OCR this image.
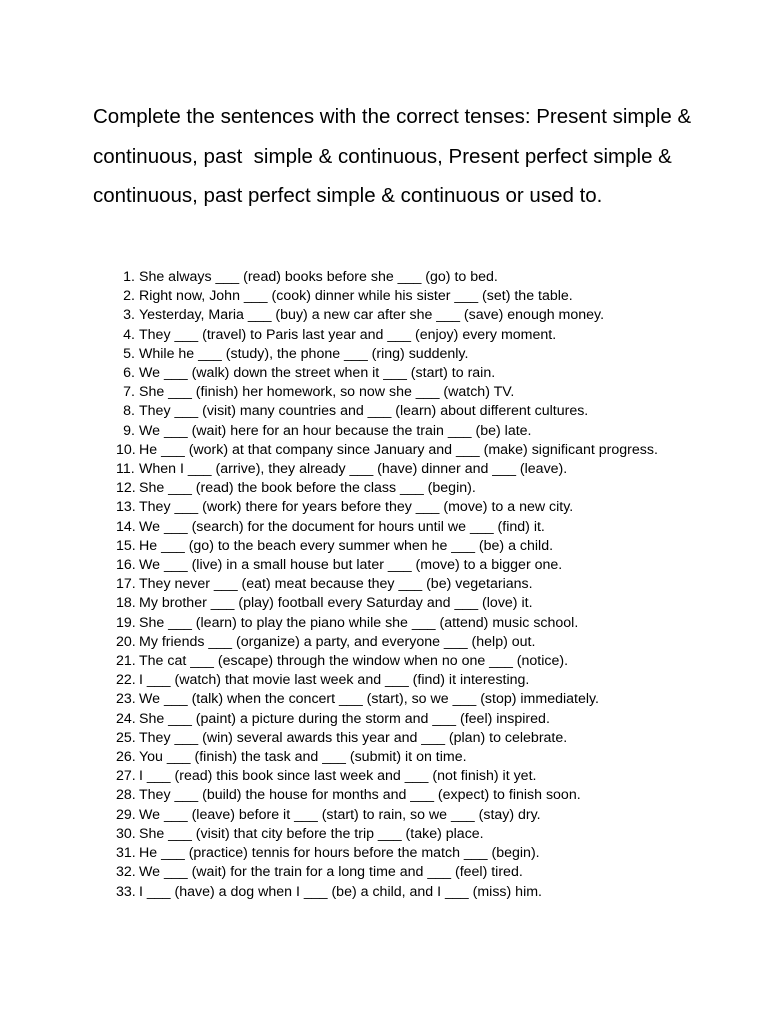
Complete the sentences with the correct tenses: Present simple & continuous, past  simple & continuous, Present perfect simple & continuous, past perfect simple & continuous or used to.

1. She always ___ (read) books before she ___ (go) to bed.
2. Right now, John ___ (cook) dinner while his sister ___ (set) the table.
3. Yesterday, Maria ___ (buy) a new car after she ___ (save) enough money.
4. They ___ (travel) to Paris last year and ___ (enjoy) every moment.
5. While he ___ (study), the phone ___ (ring) suddenly.
6. We ___ (walk) down the street when it ___ (start) to rain.
7. She ___ (finish) her homework, so now she ___ (watch) TV.
8. They ___ (visit) many countries and ___ (learn) about different cultures.
9. We ___ (wait) here for an hour because the train ___ (be) late.
10. He ___ (work) at that company since January and ___ (make) significant progress.
11. When I ___ (arrive), they already ___ (have) dinner and ___ (leave).
12. She ___ (read) the book before the class ___ (begin).
13. They ___ (work) there for years before they ___ (move) to a new city.
14. We ___ (search) for the document for hours until we ___ (find) it.
15. He ___ (go) to the beach every summer when he ___ (be) a child.
16. We ___ (live) in a small house but later ___ (move) to a bigger one.
17. They never ___ (eat) meat because they ___ (be) vegetarians.
18. My brother ___ (play) football every Saturday and ___ (love) it.
19. She ___ (learn) to play the piano while she ___ (attend) music school.
20. My friends ___ (organize) a party, and everyone ___ (help) out.
21. The cat ___ (escape) through the window when no one ___ (notice).
22. I ___ (watch) that movie last week and ___ (find) it interesting.
23. We ___ (talk) when the concert ___ (start), so we ___ (stop) immediately.
24. She ___ (paint) a picture during the storm and ___ (feel) inspired.
25. They ___ (win) several awards this year and ___ (plan) to celebrate.
26. You ___ (finish) the task and ___ (submit) it on time.
27. I ___ (read) this book since last week and ___ (not finish) it yet.
28. They ___ (build) the house for months and ___ (expect) to finish soon.
29. We ___ (leave) before it ___ (start) to rain, so we ___ (stay) dry.
30. She ___ (visit) that city before the trip ___ (take) place.
31. He ___ (practice) tennis for hours before the match ___ (begin).
32. We ___ (wait) for the train for a long time and ___ (feel) tired.
33. I ___ (have) a dog when I ___ (be) a child, and I ___ (miss) him.
